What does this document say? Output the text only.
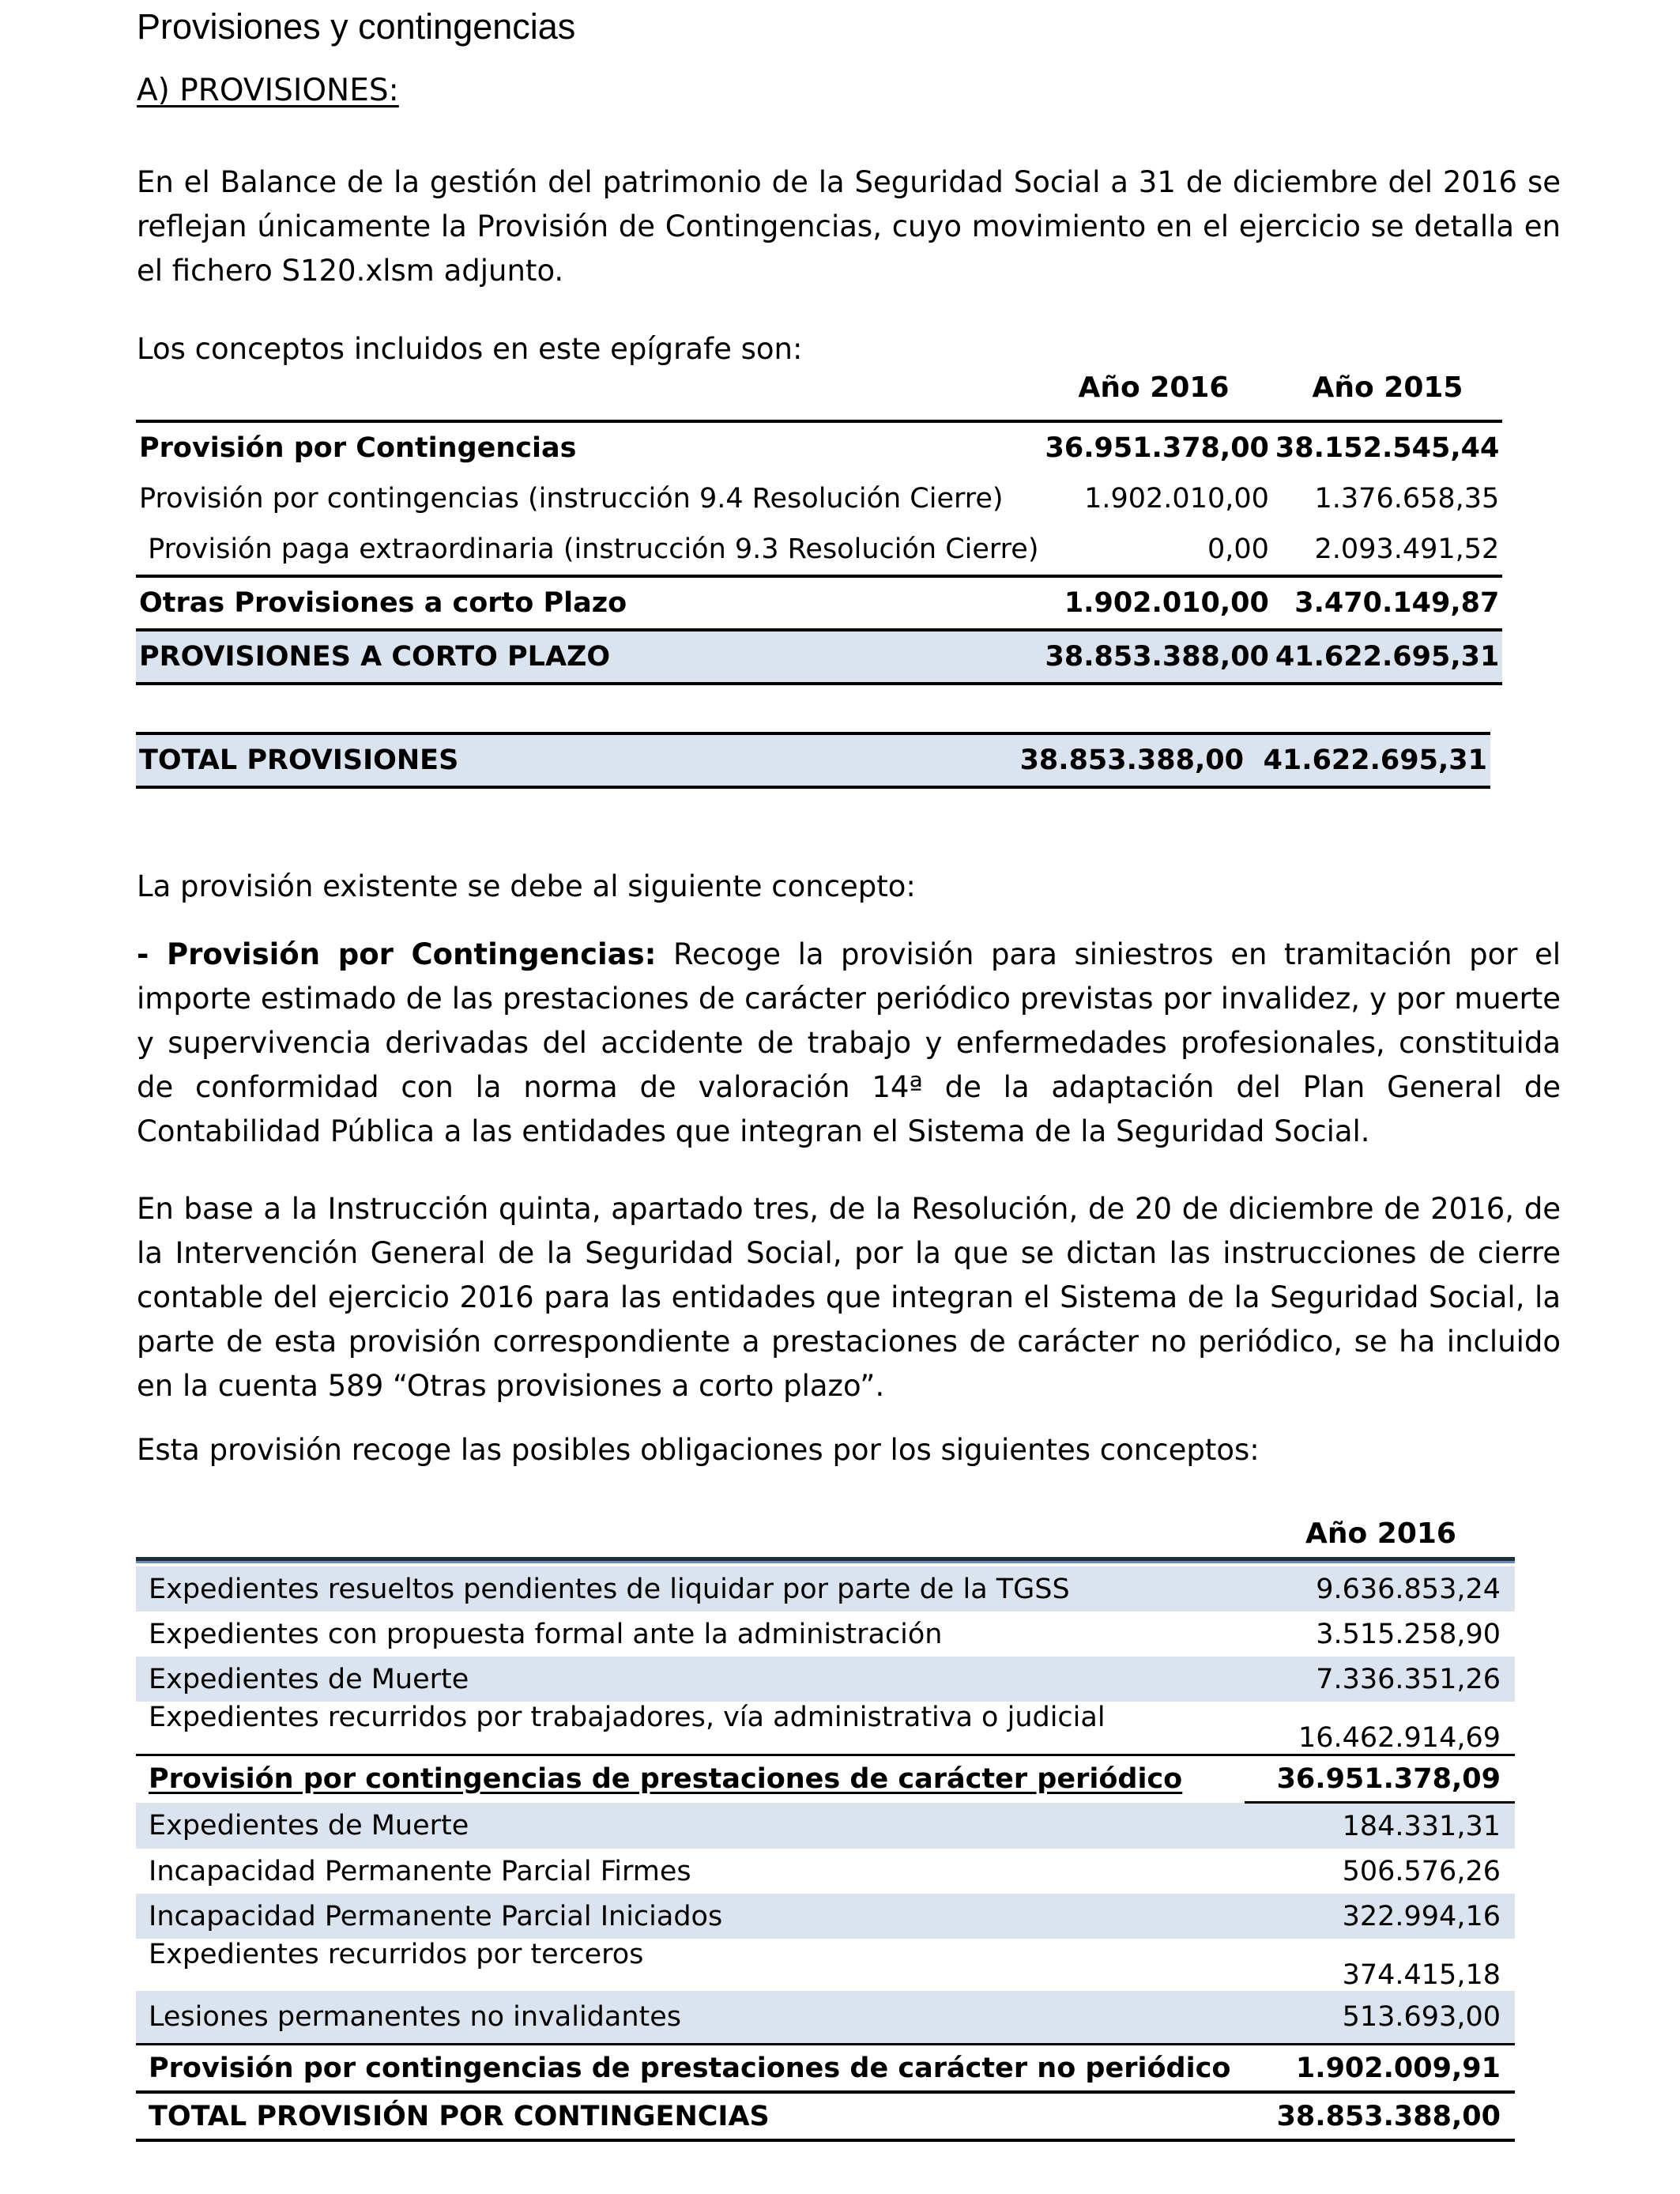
Provisiones y contingencias
A) PROVISIONES:
En el Balance de la gestión del patrimonio de la Seguridad Social a 31 de diciembre del 2016 se reflejan únicamente la Provisión de Contingencias, cuyo movimiento en el ejercicio se detalla en el fichero S120.xlsm adjunto.
Los conceptos incluidos en este epígrafe son:
Año 2016	Año 2015
Provisión por Contingencias	36.951.378,00	38.152.545,44
Provisión por contingencias (instrucción 9.4 Resolución Cierre)	1.902.010,00	1.376.658,35
Provisión paga extraordinaria (instrucción 9.3 Resolución Cierre)	0,00	2.093.491,52
Otras Provisiones a corto Plazo	1.902.010,00	3.470.149,87
PROVISIONES A CORTO PLAZO	38.853.388,00	41.622.695,31
TOTAL PROVISIONES	38.853.388,00	41.622.695,31
La provisión existente se debe al siguiente concepto:
- Provisión por Contingencias: Recoge la provisión para siniestros en tramitación por el importe estimado de las prestaciones de carácter periódico previstas por invalidez, y por muerte y supervivencia derivadas del accidente de trabajo y enfermedades profesionales, constituida de conformidad con la norma de valoración 14ª de la adaptación del Plan General de Contabilidad Pública a las entidades que integran el Sistema de la Seguridad Social.
En base a la Instrucción quinta, apartado tres, de la Resolución, de 20 de diciembre de 2016, de la Intervención General de la Seguridad Social, por la que se dictan las instrucciones de cierre contable del ejercicio 2016 para las entidades que integran el Sistema de la Seguridad Social, la parte de esta provisión correspondiente a prestaciones de carácter no periódico, se ha incluido en la cuenta 589 “Otras provisiones a corto plazo”.
Esta provisión recoge las posibles obligaciones por los siguientes conceptos:
Año 2016
Expedientes resueltos pendientes de liquidar por parte de la TGSS	9.636.853,24
Expedientes con propuesta formal ante la administración	3.515.258,90
Expedientes de Muerte	7.336.351,26
Expedientes recurridos por trabajadores, vía administrativa o judicial	16.462.914,69
Provisión por contingencias de prestaciones de carácter periódico	36.951.378,09
Expedientes de Muerte	184.331,31
Incapacidad Permanente Parcial Firmes	506.576,26
Incapacidad Permanente Parcial Iniciados	322.994,16
Expedientes recurridos por terceros	374.415,18
Lesiones permanentes no invalidantes	513.693,00
Provisión por contingencias de prestaciones de carácter no periódico	1.902.009,91
TOTAL PROVISIÓN POR CONTINGENCIAS	38.853.388,00
